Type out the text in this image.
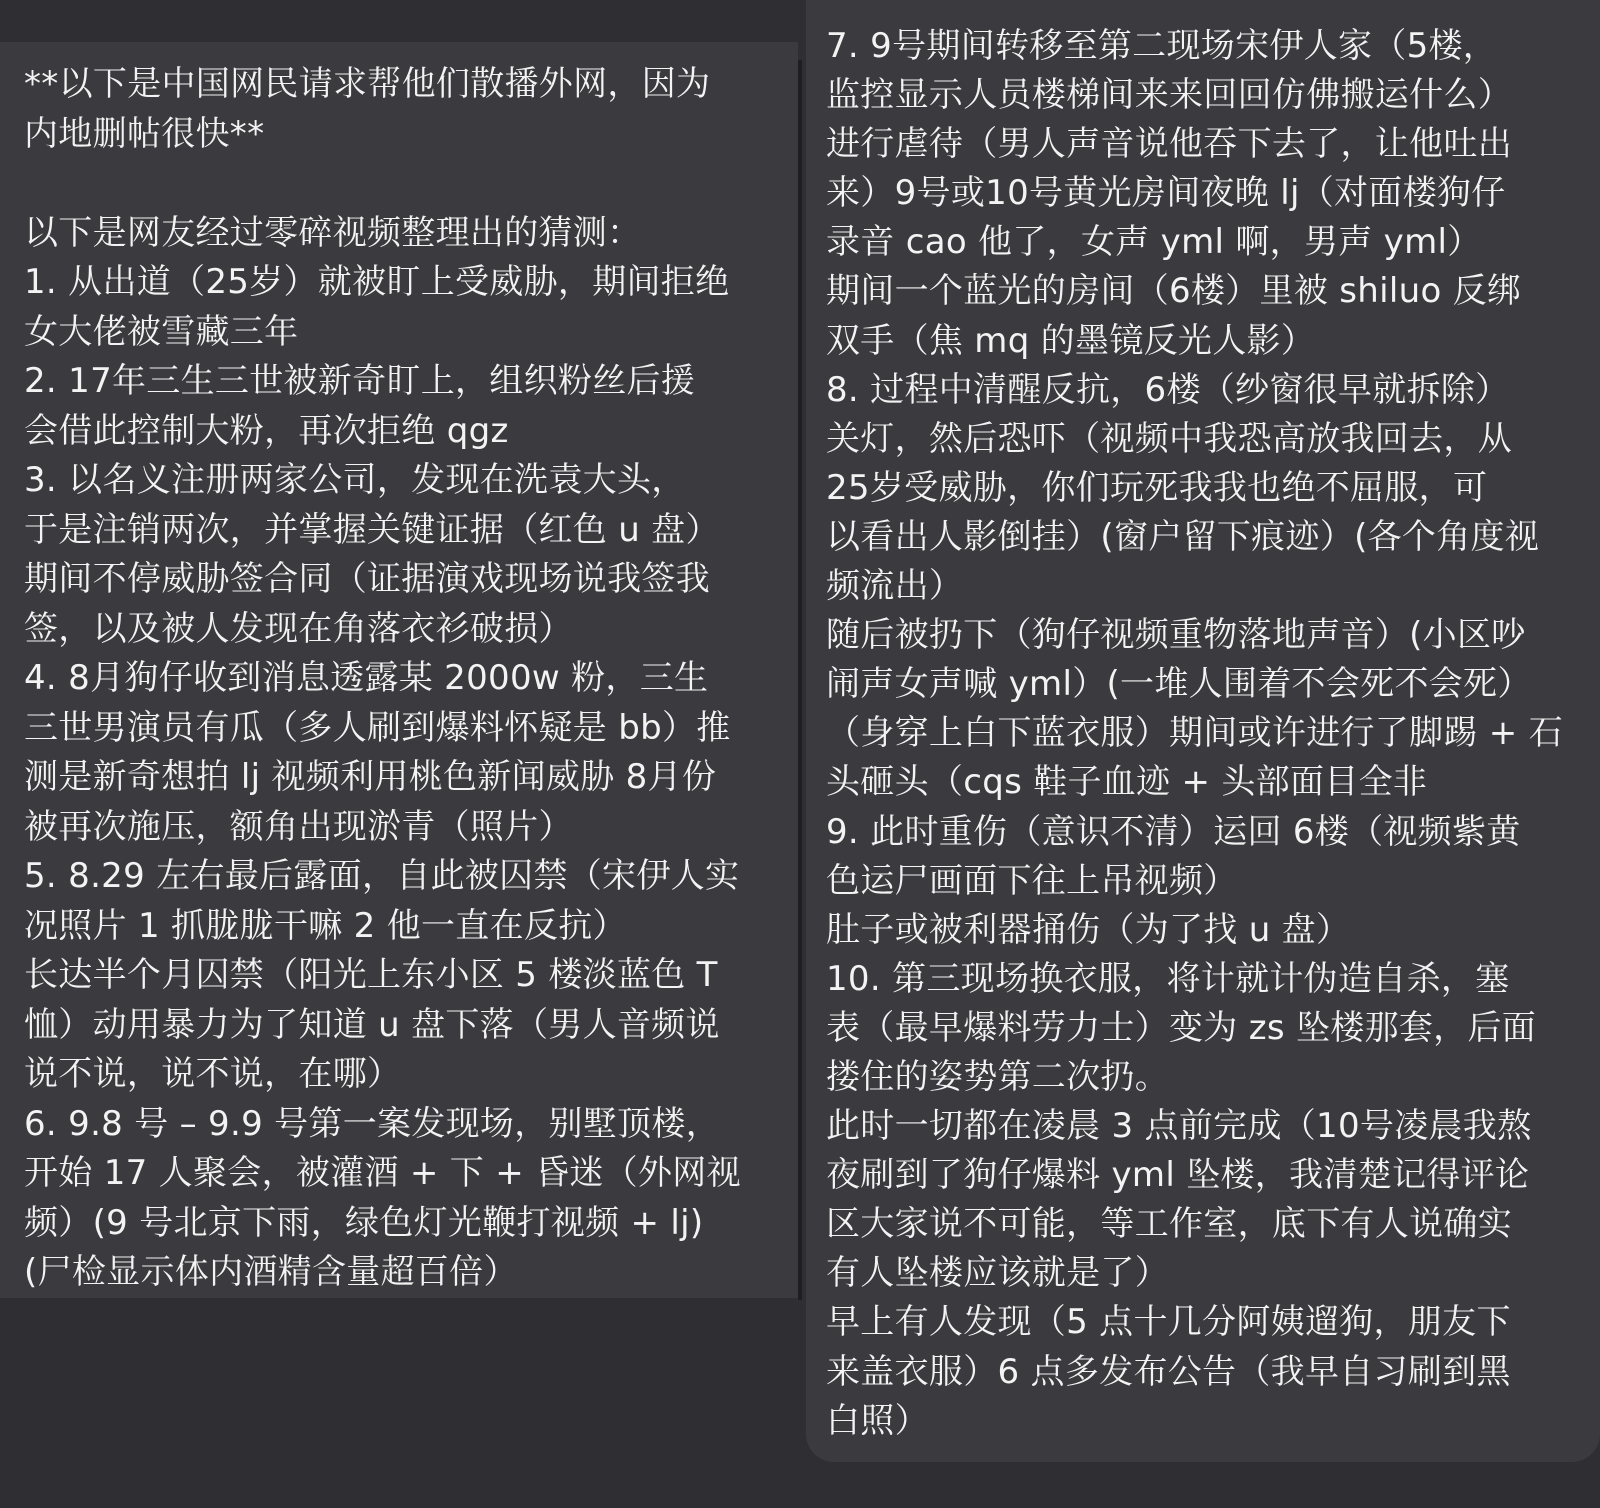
**以下是中国网民请求帮他们散播外网，因为
内地删帖很快**
以下是网友经过零碎视频整理出的猜测：
1. 从出道（25岁）就被盯上受威胁，期间拒绝
女大佬被雪藏三年
2. 17年三生三世被新奇盯上，组织粉丝后援
会借此控制大粉，再次拒绝 qgz
3. 以名义注册两家公司，发现在洗袁大头，
于是注销两次，并掌握关键证据（红色 u 盘）
期间不停威胁签合同（证据演戏现场说我签我
签，以及被人发现在角落衣衫破损）
4. 8月狗仔收到消息透露某 2000w 粉，三生
三世男演员有瓜（多人刷到爆料怀疑是 bb）推
测是新奇想拍 lj 视频利用桃色新闻威胁 8月份
被再次施压，额角出现淤青（照片）
5. 8.29 左右最后露面，自此被囚禁（宋伊人实
况照片 1 抓胧胧干嘛 2 他一直在反抗）
长达半个月囚禁（阳光上东小区 5 楼淡蓝色 T
恤）动用暴力为了知道 u 盘下落（男人音频说
说不说，说不说，在哪）
6. 9.8 号 – 9.9 号第一案发现场，别墅顶楼，
开始 17 人聚会，被灌酒 + 下 + 昏迷（外网视
频）(9 号北京下雨，绿色灯光鞭打视频 + lj)
(尸检显示体内酒精含量超百倍）
7. 9号期间转移至第二现场宋伊人家（5楼，
监控显示人员楼梯间来来回回仿佛搬运什么）
进行虐待（男人声音说他吞下去了，让他吐出
来）9号或10号黄光房间夜晚 lj（对面楼狗仔
录音 cao 他了，女声 yml 啊，男声 yml）
期间一个蓝光的房间（6楼）里被 shiluo 反绑
双手（焦 mq 的墨镜反光人影）
8. 过程中清醒反抗，6楼（纱窗很早就拆除）
关灯，然后恐吓（视频中我恐高放我回去，从
25岁受威胁，你们玩死我我也绝不屈服，可
以看出人影倒挂）(窗户留下痕迹）(各个角度视
频流出）
随后被扔下（狗仔视频重物落地声音）(小区吵
闹声女声喊 yml）(一堆人围着不会死不会死）
（身穿上白下蓝衣服）期间或许进行了脚踢 + 石
头砸头（cqs 鞋子血迹 + 头部面目全非
9. 此时重伤（意识不清）运回 6楼（视频紫黄
色运尸画面下往上吊视频）
肚子或被利器捅伤（为了找 u 盘）
10. 第三现场换衣服，将计就计伪造自杀，塞
表（最早爆料劳力士）变为 zs 坠楼那套，后面
搂住的姿势第二次扔。
此时一切都在凌晨 3 点前完成（10号凌晨我熬
夜刷到了狗仔爆料 yml 坠楼，我清楚记得评论
区大家说不可能，等工作室，底下有人说确实
有人坠楼应该就是了）
早上有人发现（5 点十几分阿姨遛狗，朋友下
来盖衣服）6 点多发布公告（我早自习刷到黑
白照）
